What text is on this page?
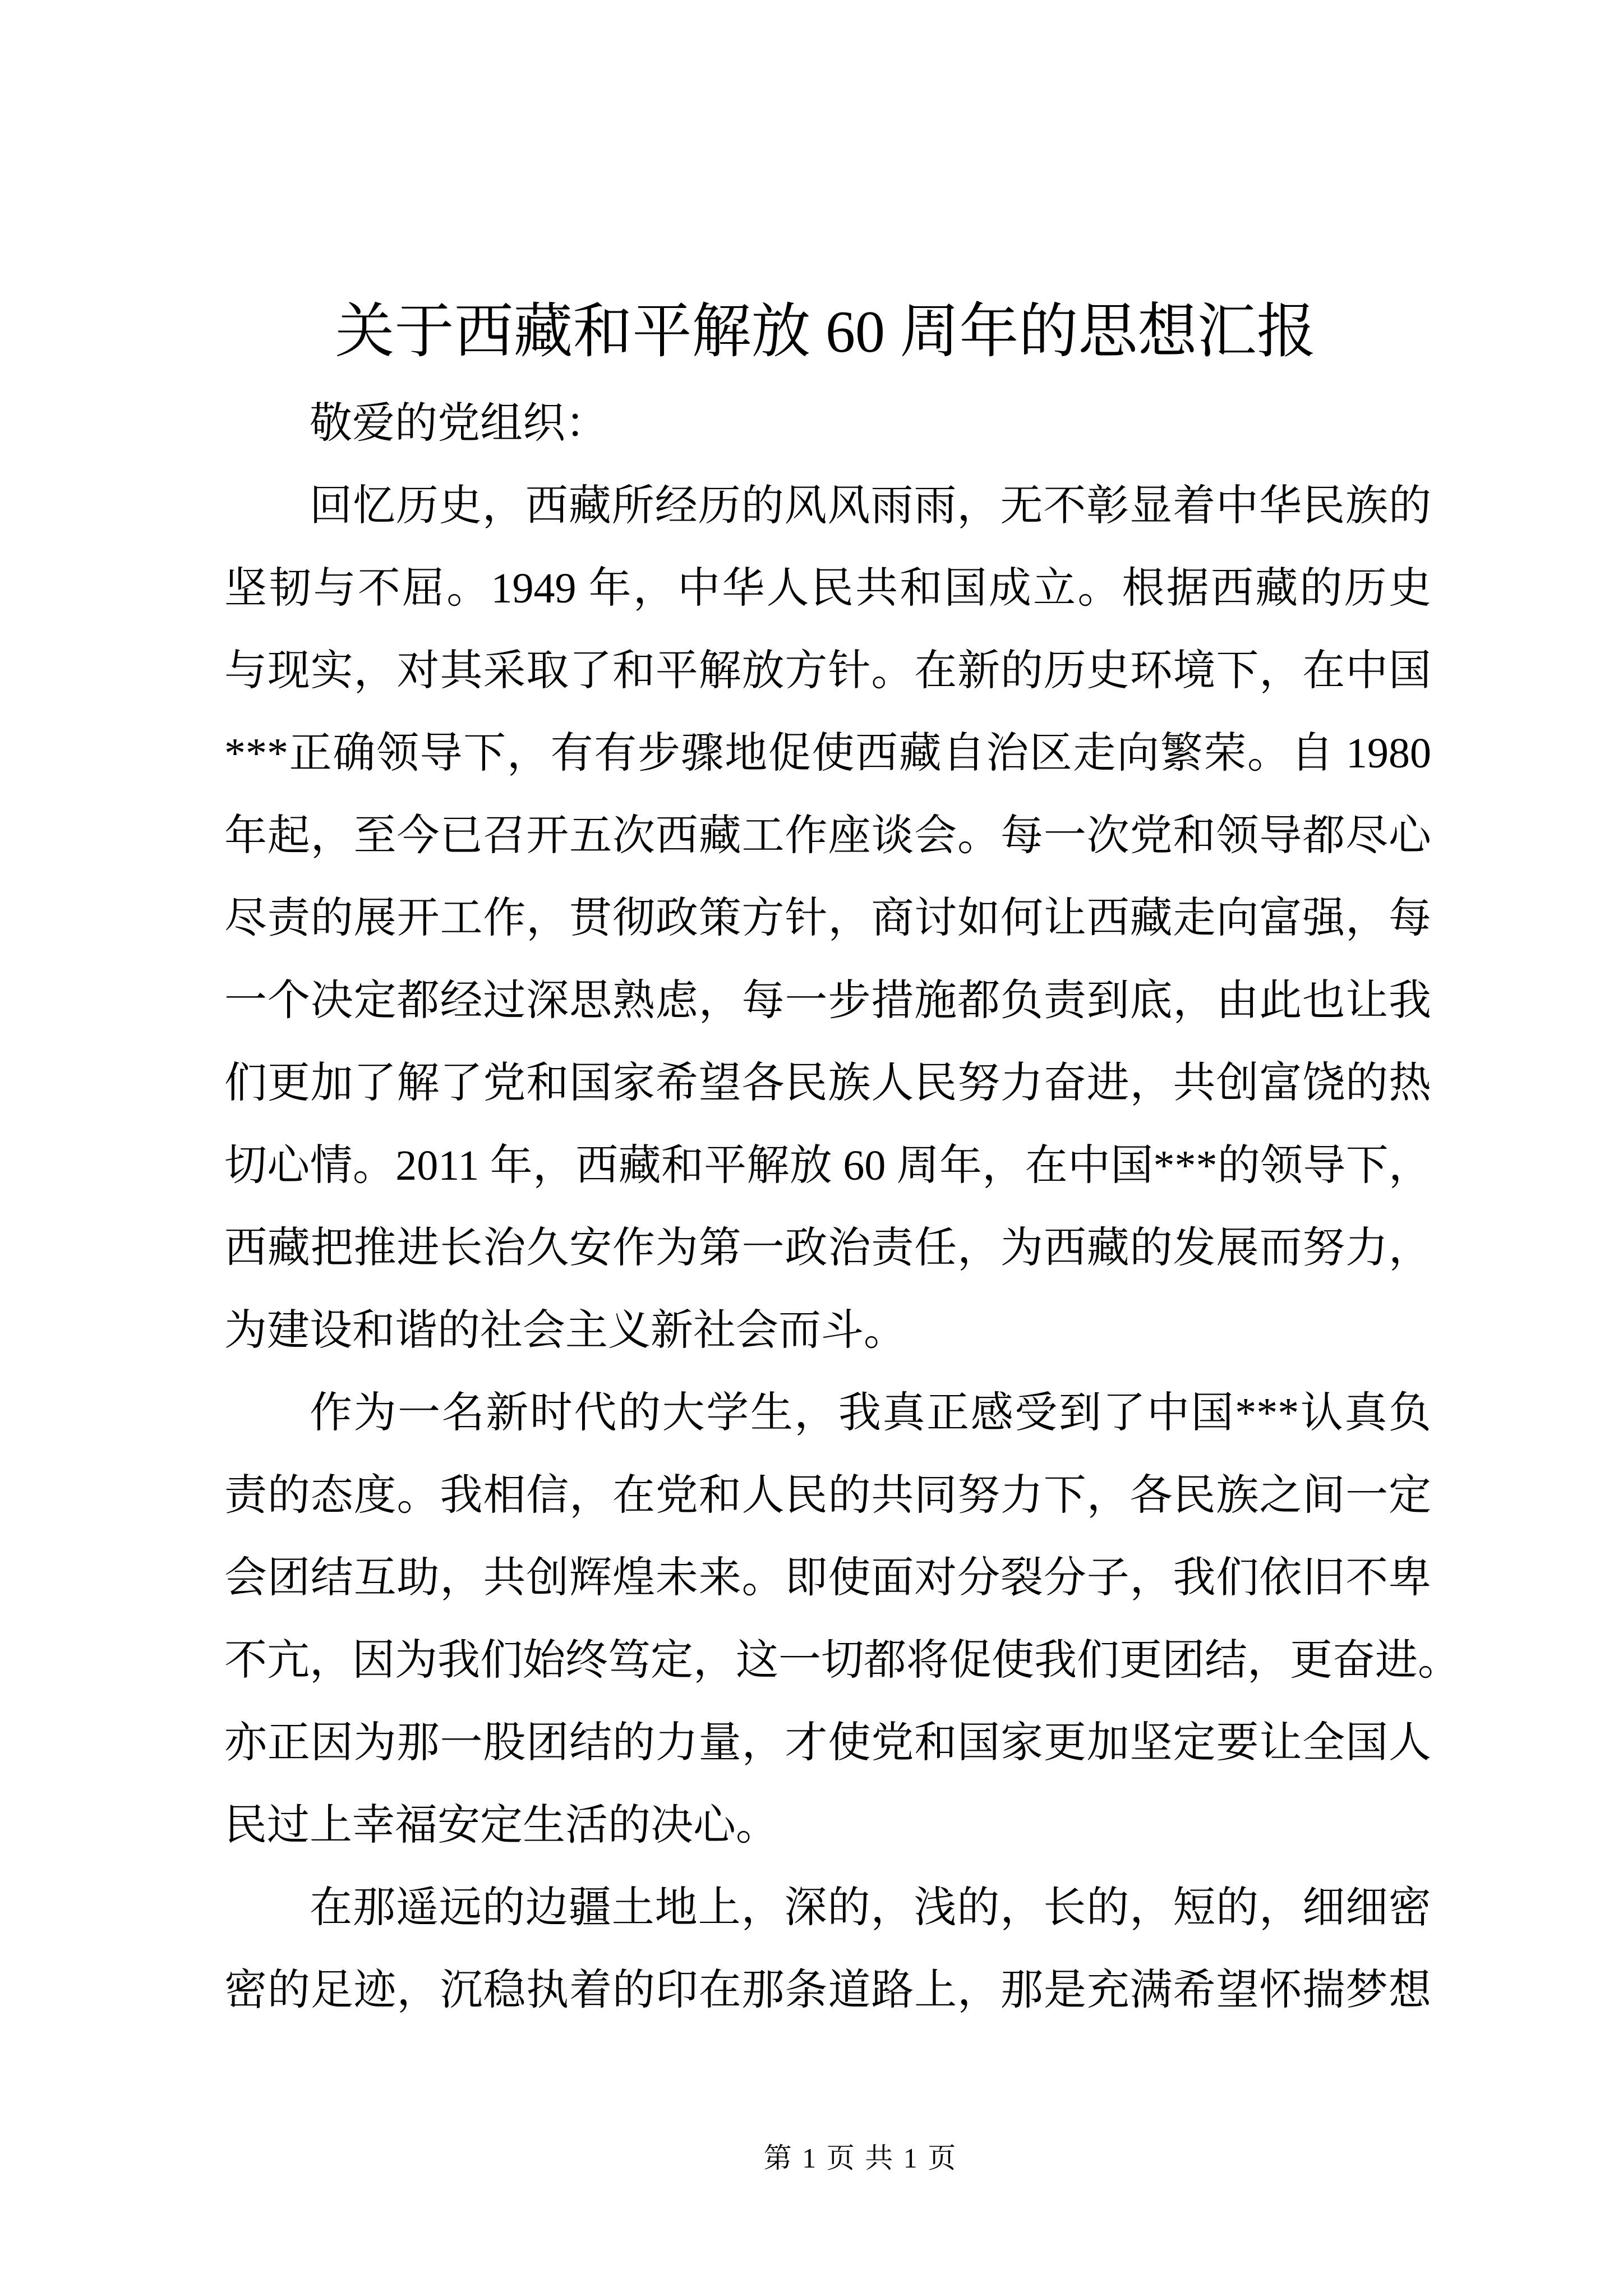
关于西藏和平解放 60 周年的思想汇报
敬爱的党组织：
回忆历史，西藏所经历的风风雨雨，无不彰显着中华民族的
坚韧与不屈。1949 年，中华人民共和国成立。根据西藏的历史
与现实，对其采取了和平解放方针。在新的历史环境下，在中国
***正确领导下，有有步骤地促使西藏自治区走向繁荣。自 1980
年起，至今已召开五次西藏工作座谈会。每一次党和领导都尽心
尽责的展开工作，贯彻政策方针，商讨如何让西藏走向富强，每
一个决定都经过深思熟虑，每一步措施都负责到底，由此也让我
们更加了解了党和国家希望各民族人民努力奋进，共创富饶的热
切心情。2011 年，西藏和平解放 60 周年，在中国***的领导下，
西藏把推进长治久安作为第一政治责任，为西藏的发展而努力，
为建设和谐的社会主义新社会而斗。
作为一名新时代的大学生，我真正感受到了中国***认真负
责的态度。我相信，在党和人民的共同努力下，各民族之间一定
会团结互助，共创辉煌未来。即使面对分裂分子，我们依旧不卑
不亢，因为我们始终笃定，这一切都将促使我们更团结，更奋进。
亦正因为那一股团结的力量，才使党和国家更加坚定要让全国人
民过上幸福安定生活的决心。
在那遥远的边疆土地上，深的，浅的，长的，短的，细细密
密的足迹，沉稳执着的印在那条道路上，那是充满希望怀揣梦想
第 1 页 共 1 页
